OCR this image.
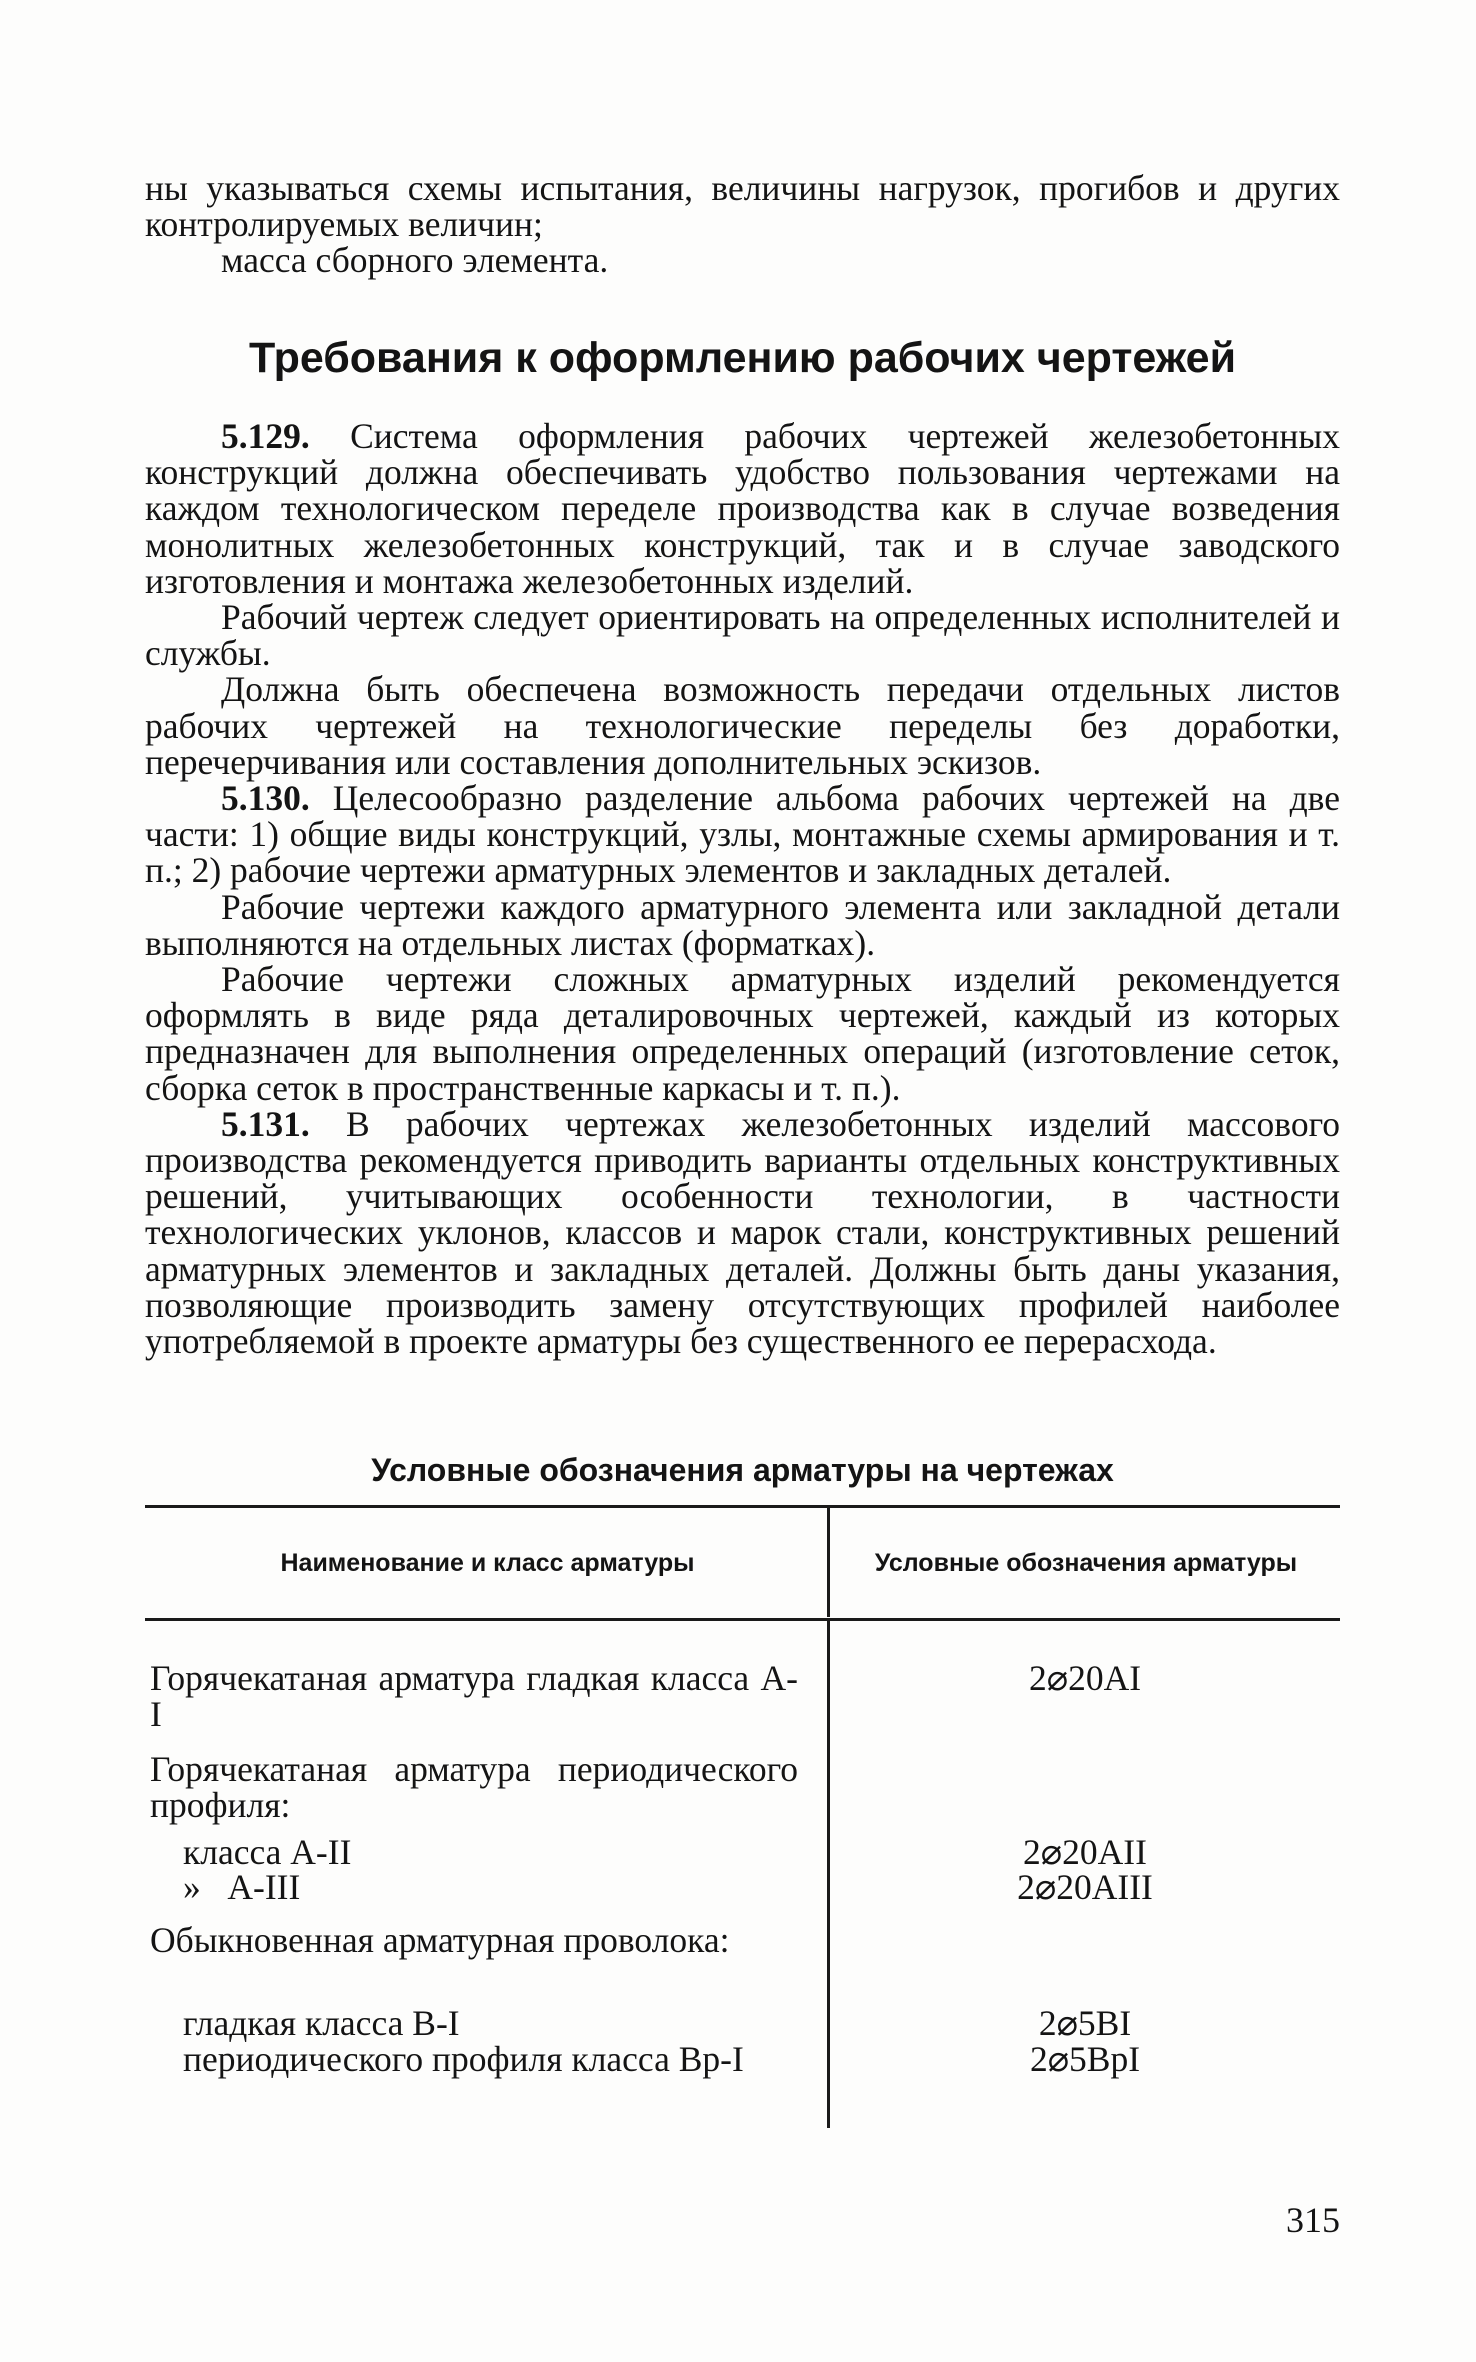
ны указываться схемы испытания, величины нагрузок, прогибов и других контролируемых величин;

масса сборного элемента.

Требования к оформлению рабочих чертежей

5.129. Система оформления рабочих чертежей железобетонных конструкций должна обеспечивать удобство пользования чертежами на каждом технологическом переделе производства как в случае возведения монолитных железобетонных конструкций, так и в случае заводского изготовления и монтажа железобетонных изделий.

Рабочий чертеж следует ориентировать на определенных исполнителей и службы.

Должна быть обеспечена возможность передачи отдельных листов рабочих чертежей на технологические переделы без доработки, перечерчивания или составления дополнительных эскизов.

5.130. Целесообразно разделение альбома рабочих чертежей на две части: 1) общие виды конструкций, узлы, монтажные схемы армирования и т. п.; 2) рабочие чертежи арматурных элементов и закладных деталей.

Рабочие чертежи каждого арматурного элемента или закладной детали выполняются на отдельных листах (форматках).

Рабочие чертежи сложных арматурных изделий рекомендуется оформлять в виде ряда деталировочных чертежей, каждый из которых предназначен для выполнения определенных операций (изготовление сеток, сборка сеток в пространственные каркасы и т. п.).

5.131. В рабочих чертежах железобетонных изделий массового производства рекомендуется приводить варианты отдельных конструктивных решений, учитывающих особенности технологии, в частности технологических уклонов, классов и марок стали, конструктивных решений арматурных элементов и закладных деталей. Должны быть даны указания, позволяющие производить замену отсутствующих профилей наиболее употребляемой в проекте арматуры без существенного ее перерасхода.

Условные обозначения арматуры на чертежах
Наименование и класс арматуры	Условные обозначения арматуры

Горячекатаная арматура гладкая класса А-I

Горячекатаная арматура периодического профиля:

класса А-II

»   А-III

Обыкновенная арматурная проволока:

гладкая класса В-I

периодического профиля класса Вр-I

2⌀20АI

2⌀20АII

2⌀20АIII

2⌀5ВI

2⌀5ВрI

315
